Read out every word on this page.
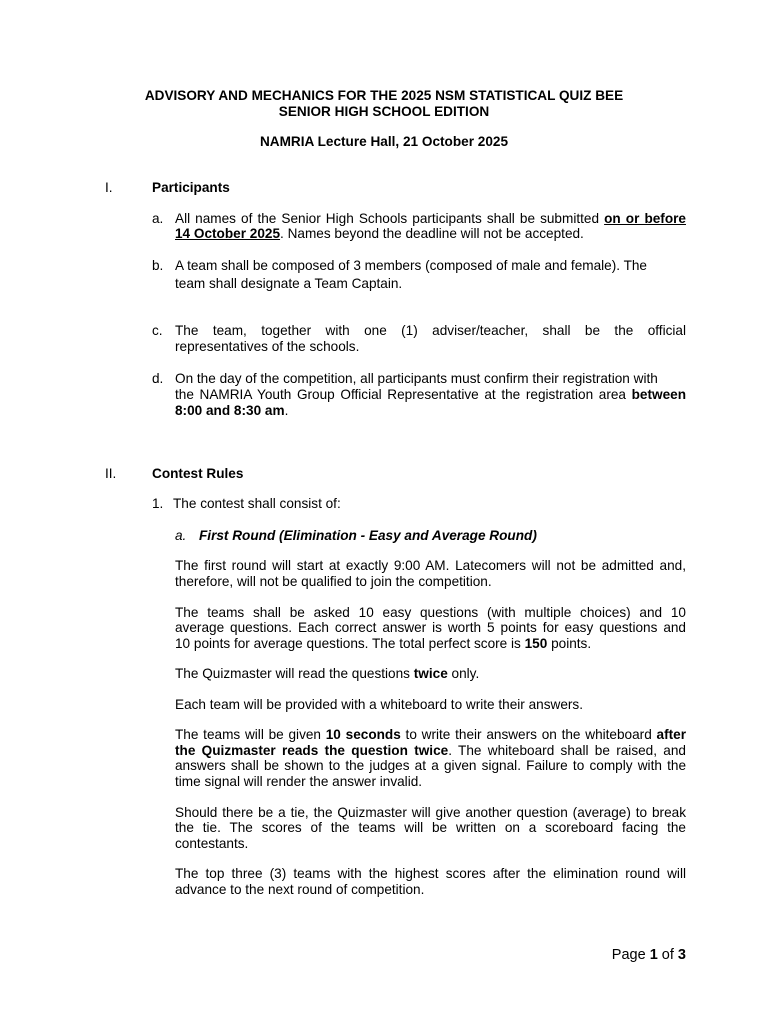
ADVISORY AND MECHANICS FOR THE 2025 NSM STATISTICAL QUIZ BEE
SENIOR HIGH SCHOOL EDITION
NAMRIA Lecture Hall, 21 October 2025
I.	Participants
a. All names of the Senior High Schools participants shall be submitted on or before
14 October 2025. Names beyond the deadline will not be accepted.
b. A team shall be composed of 3 members (composed of male and female). The
team shall designate a Team Captain.
c. The team, together with one (1) adviser/teacher, shall be the official
representatives of the schools.
d. On the day of the competition, all participants must confirm their registration with
the NAMRIA Youth Group Official Representative at the registration area between
8:00 and 8:30 am.
II.	Contest Rules
1. The contest shall consist of:
a. First Round (Elimination - Easy and Average Round)
The first round will start at exactly 9:00 AM. Latecomers will not be admitted and,
therefore, will not be qualified to join the competition.
The teams shall be asked 10 easy questions (with multiple choices) and 10
average questions. Each correct answer is worth 5 points for easy questions and
10 points for average questions. The total perfect score is 150 points.
The Quizmaster will read the questions twice only.
Each team will be provided with a whiteboard to write their answers.
The teams will be given 10 seconds to write their answers on the whiteboard after
the Quizmaster reads the question twice. The whiteboard shall be raised, and
answers shall be shown to the judges at a given signal. Failure to comply with the
time signal will render the answer invalid.
Should there be a tie, the Quizmaster will give another question (average) to break
the tie. The scores of the teams will be written on a scoreboard facing the
contestants.
The top three (3) teams with the highest scores after the elimination round will
advance to the next round of competition.
Page 1 of 3
